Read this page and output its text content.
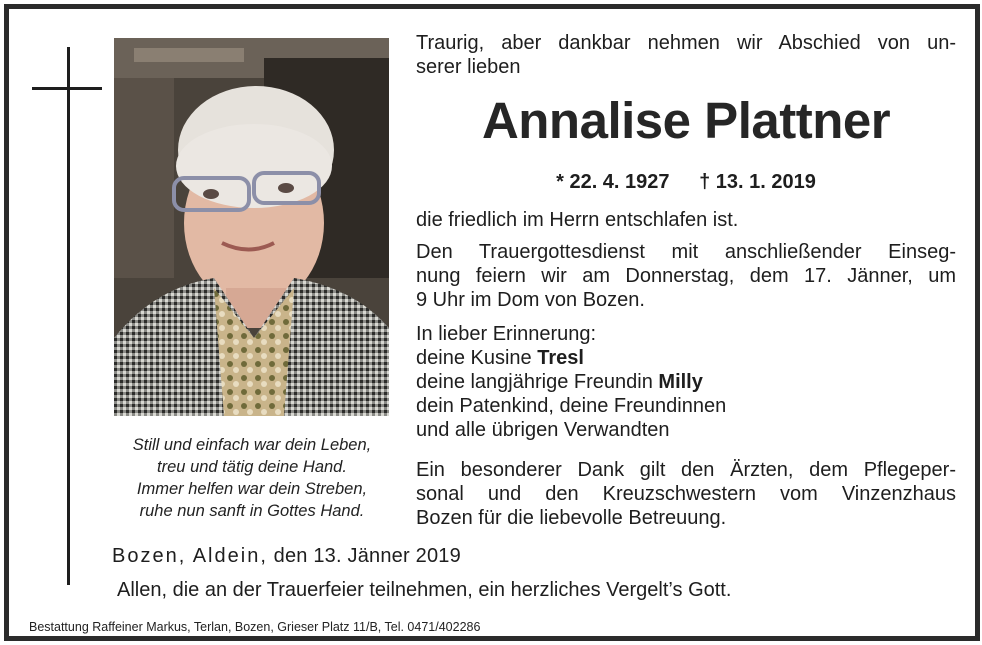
Still und einfach war dein Leben,
treu und tätig deine Hand.
Immer helfen war dein Streben,
ruhe nun sanft in Gottes Hand.
Traurig, aber dankbar nehmen wir Abschied von un-
serer lieben
Annalise Plattner
* 22. 4. 1927 † 13. 1. 2019
die friedlich im Herrn entschlafen ist.
Den Trauergottesdienst mit anschließender Einseg-
nung feiern wir am Donnerstag, dem 17. Jänner, um
9 Uhr im Dom von Bozen.
In lieber Erinnerung:
deine Kusine Tresl
deine langjährige Freundin Milly
dein Patenkind, deine Freundinnen
und alle übrigen Verwandten
Ein besonderer Dank gilt den Ärzten, dem Pflegeper-
sonal und den Kreuzschwestern vom Vinzenzhaus
Bozen für die liebevolle Betreuung.
Bozen, Aldein, den 13. Jänner 2019
Allen, die an der Trauerfeier teilnehmen, ein herzliches Vergelt’s Gott.
Bestattung Raffeiner Markus, Terlan, Bozen, Grieser Platz 11/B, Tel. 0471/402286
